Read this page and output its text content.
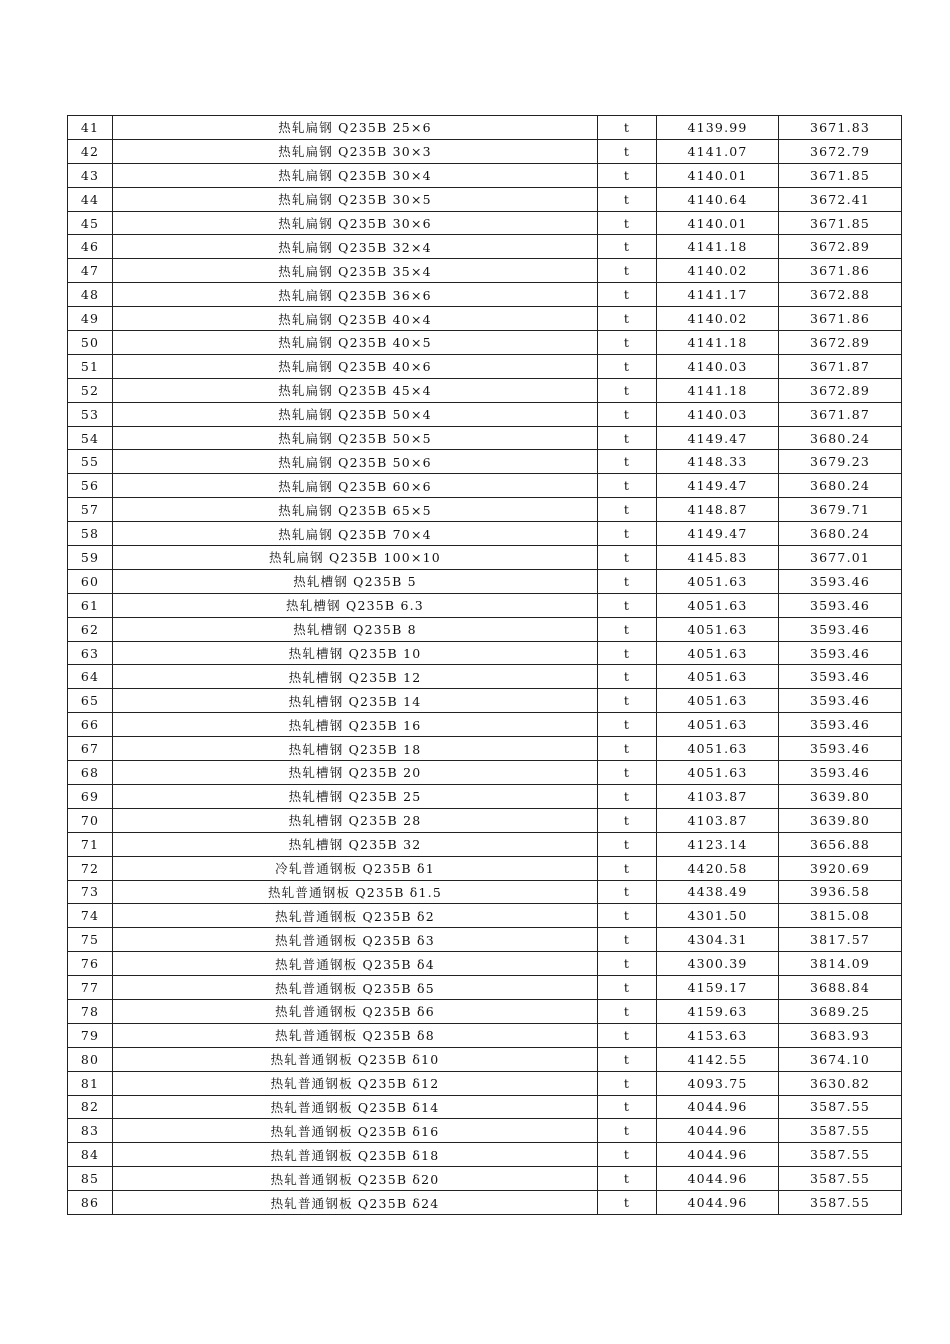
41	热轧扁钢 Q235B 25×6	t	4139.99	3671.83
42	热轧扁钢 Q235B 30×3	t	4141.07	3672.79
43	热轧扁钢 Q235B 30×4	t	4140.01	3671.85
44	热轧扁钢 Q235B 30×5	t	4140.64	3672.41
45	热轧扁钢 Q235B 30×6	t	4140.01	3671.85
46	热轧扁钢 Q235B 32×4	t	4141.18	3672.89
47	热轧扁钢 Q235B 35×4	t	4140.02	3671.86
48	热轧扁钢 Q235B 36×6	t	4141.17	3672.88
49	热轧扁钢 Q235B 40×4	t	4140.02	3671.86
50	热轧扁钢 Q235B 40×5	t	4141.18	3672.89
51	热轧扁钢 Q235B 40×6	t	4140.03	3671.87
52	热轧扁钢 Q235B 45×4	t	4141.18	3672.89
53	热轧扁钢 Q235B 50×4	t	4140.03	3671.87
54	热轧扁钢 Q235B 50×5	t	4149.47	3680.24
55	热轧扁钢 Q235B 50×6	t	4148.33	3679.23
56	热轧扁钢 Q235B 60×6	t	4149.47	3680.24
57	热轧扁钢 Q235B 65×5	t	4148.87	3679.71
58	热轧扁钢 Q235B 70×4	t	4149.47	3680.24
59	热轧扁钢 Q235B 100×10	t	4145.83	3677.01
60	热轧槽钢 Q235B 5	t	4051.63	3593.46
61	热轧槽钢 Q235B 6.3	t	4051.63	3593.46
62	热轧槽钢 Q235B 8	t	4051.63	3593.46
63	热轧槽钢 Q235B 10	t	4051.63	3593.46
64	热轧槽钢 Q235B 12	t	4051.63	3593.46
65	热轧槽钢 Q235B 14	t	4051.63	3593.46
66	热轧槽钢 Q235B 16	t	4051.63	3593.46
67	热轧槽钢 Q235B 18	t	4051.63	3593.46
68	热轧槽钢 Q235B 20	t	4051.63	3593.46
69	热轧槽钢 Q235B 25	t	4103.87	3639.80
70	热轧槽钢 Q235B 28	t	4103.87	3639.80
71	热轧槽钢 Q235B 32	t	4123.14	3656.88
72	冷轧普通钢板 Q235B δ1	t	4420.58	3920.69
73	热轧普通钢板 Q235B δ1.5	t	4438.49	3936.58
74	热轧普通钢板 Q235B δ2	t	4301.50	3815.08
75	热轧普通钢板 Q235B δ3	t	4304.31	3817.57
76	热轧普通钢板 Q235B δ4	t	4300.39	3814.09
77	热轧普通钢板 Q235B δ5	t	4159.17	3688.84
78	热轧普通钢板 Q235B δ6	t	4159.63	3689.25
79	热轧普通钢板 Q235B δ8	t	4153.63	3683.93
80	热轧普通钢板 Q235B δ10	t	4142.55	3674.10
81	热轧普通钢板 Q235B δ12	t	4093.75	3630.82
82	热轧普通钢板 Q235B δ14	t	4044.96	3587.55
83	热轧普通钢板 Q235B δ16	t	4044.96	3587.55
84	热轧普通钢板 Q235B δ18	t	4044.96	3587.55
85	热轧普通钢板 Q235B δ20	t	4044.96	3587.55
86	热轧普通钢板 Q235B δ24	t	4044.96	3587.55
